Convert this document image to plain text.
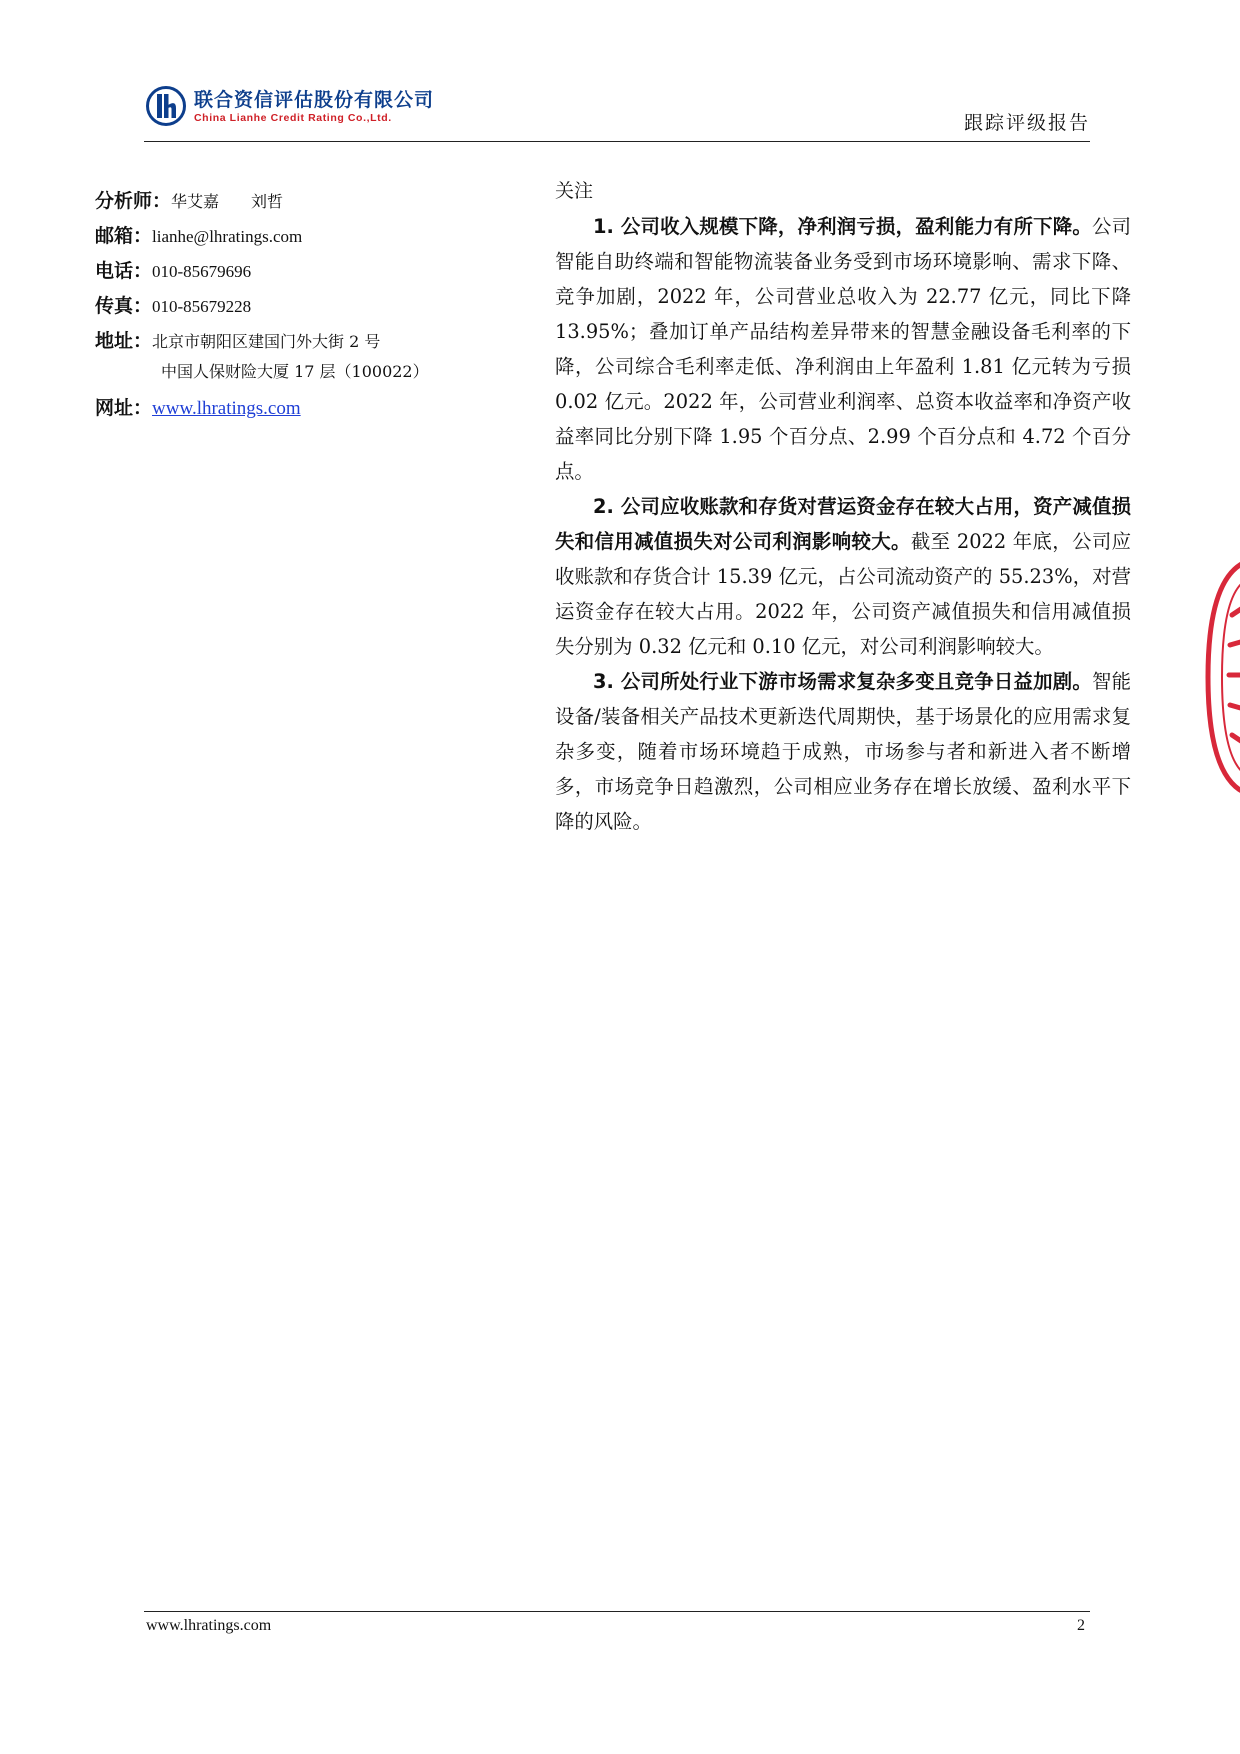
联合资信评估股份有限公司
China Lianhe Credit Rating Co.,Ltd.	跟踪评级报告
分析师：华艾嘉　　刘哲
邮箱：lianhe@lhratings.com
电话：010-85679696
传真：010-85679228
地址：北京市朝阳区建国门外大街 2 号
中国人保财险大厦 17 层（100022）
网址：www.lhratings.com
关注

1. 公司收入规模下降，净利润亏损，盈利能力有所下降。公司智能自助终端和智能物流装备业务受到市场环境影响、需求下降、竞争加剧，2022 年，公司营业总收入为 22.77 亿元，同比下降 13.95%；叠加订单产品结构差异带来的智慧金融设备毛利率的下降，公司综合毛利率走低、净利润由上年盈利 1.81 亿元转为亏损 0.02 亿元。2022 年，公司营业利润率、总资本收益率和净资产收益率同比分别下降 1.95 个百分点、2.99 个百分点和 4.72 个百分点。

2. 公司应收账款和存货对营运资金存在较大占用，资产减值损失和信用减值损失对公司利润影响较大。截至 2022 年底，公司应收账款和存货合计 15.39 亿元，占公司流动资产的 55.23%，对营运资金存在较大占用。2022 年，公司资产减值损失和信用减值损失分别为 0.32 亿元和 0.10 亿元，对公司利润影响较大。

3. 公司所处行业下游市场需求复杂多变且竞争日益加剧。智能设备/装备相关产品技术更新迭代周期快，基于场景化的应用需求复杂多变，随着市场环境趋于成熟，市场参与者和新进入者不断增多，市场竞争日趋激烈，公司相应业务存在增长放缓、盈利水平下降的风险。

www.lhratings.com	2
